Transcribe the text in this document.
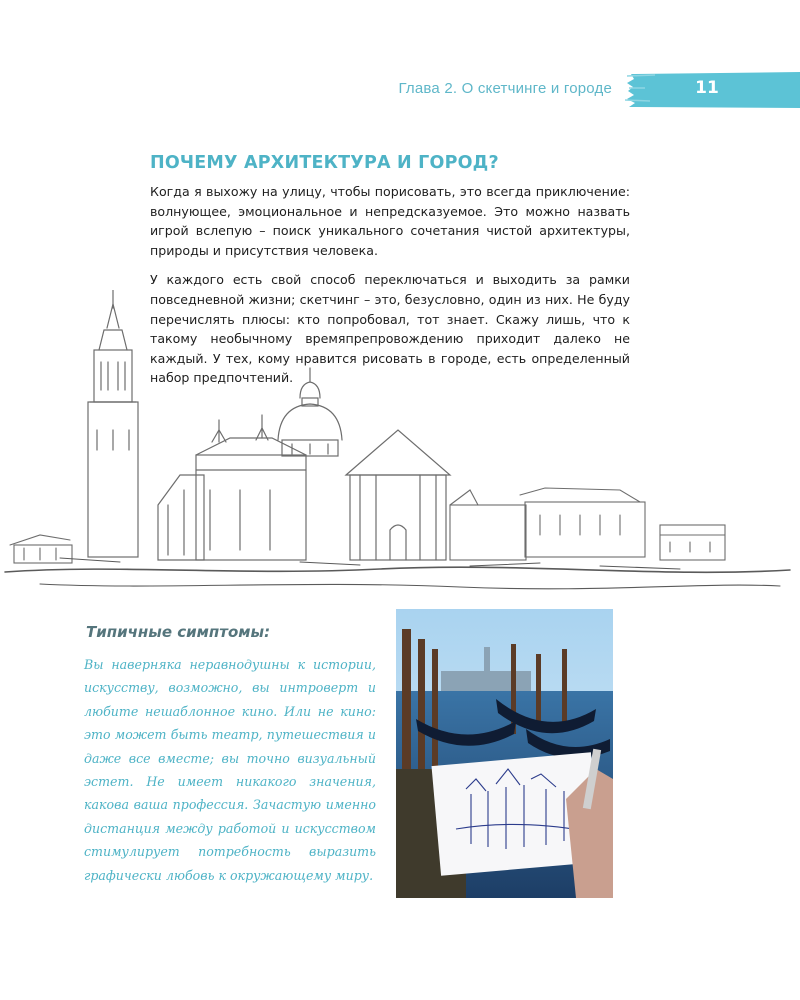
Глава 2. О скетчинге и городе	11
ПОЧЕМУ АРХИТЕКТУРА И ГОРОД?

Когда я выхожу на улицу, чтобы порисовать, это всегда приключение: волнующее, эмоциональное и непредсказуемое. Это можно назвать игрой вслепую – поиск уникального сочетания чистой архитектуры, природы и присутствия человека.

У каждого есть свой способ переключаться и выходить за рамки повседневной жизни; скетчинг – это, безусловно, один из них. Не буду перечислять плюсы: кто попробовал, тот знает. Скажу лишь, что к такому необычному времяпрепровождению приходит далеко не каждый. У тех, кому нравится рисовать в городе, есть определенный набор предпочтений.

Типичные симптомы:
Вы наверняка неравнодушны к истории, искусству, возможно, вы интроверт и любите нешаблонное кино. Или не кино: это может быть театр, путешествия и даже все вместе; вы точно визуальный эстет. Не имеет никакого значения, какова ваша профессия. Зачастую именно дистанция между работой и искусством стимулирует потребность выразить графически любовь к окружающему миру.
